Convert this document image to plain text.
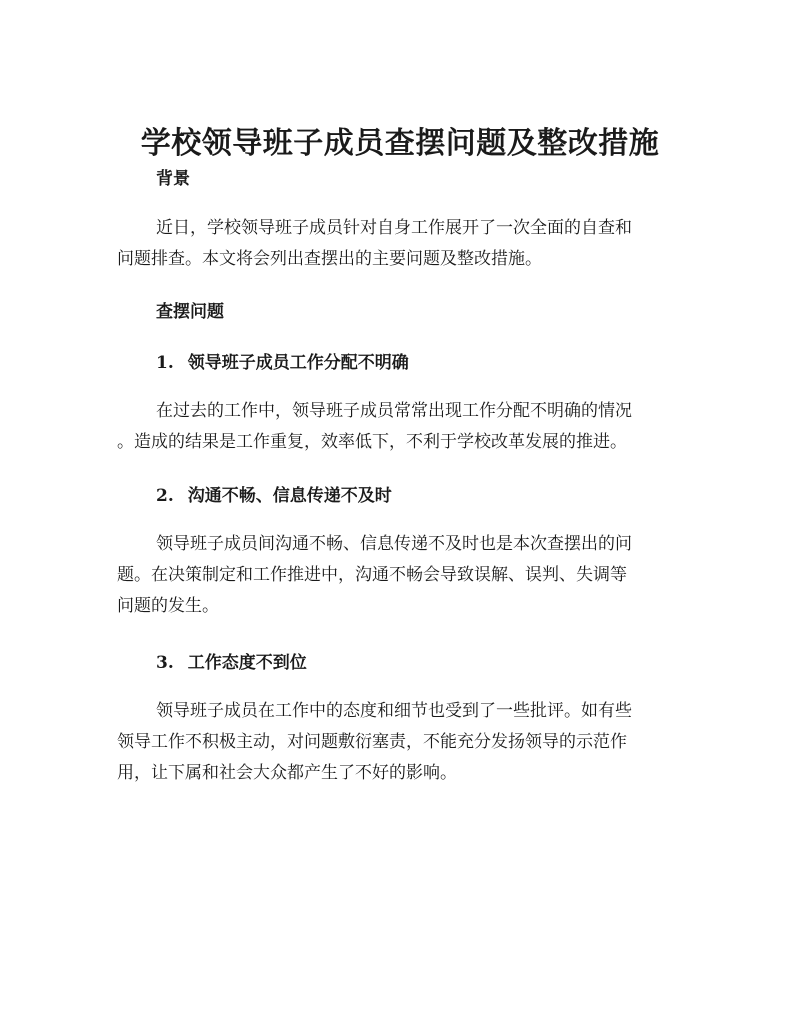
学校领导班子成员查摆问题及整改措施
背景

近日，学校领导班子成员针对自身工作展开了一次全面的自查和
问题排查。本文将会列出查摆出的主要问题及整改措施。

查摆问题
1. 领导班子成员工作分配不明确

在过去的工作中，领导班子成员常常出现工作分配不明确的情况
。造成的结果是工作重复，效率低下，不利于学校改革发展的推进。

2. 沟通不畅、信息传递不及时

领导班子成员间沟通不畅、信息传递不及时也是本次查摆出的问
题。在决策制定和工作推进中，沟通不畅会导致误解、误判、失调等
问题的发生。

3. 工作态度不到位

领导班子成员在工作中的态度和细节也受到了一些批评。如有些
领导工作不积极主动，对问题敷衍塞责，不能充分发扬领导的示范作
用，让下属和社会大众都产生了不好的影响。
